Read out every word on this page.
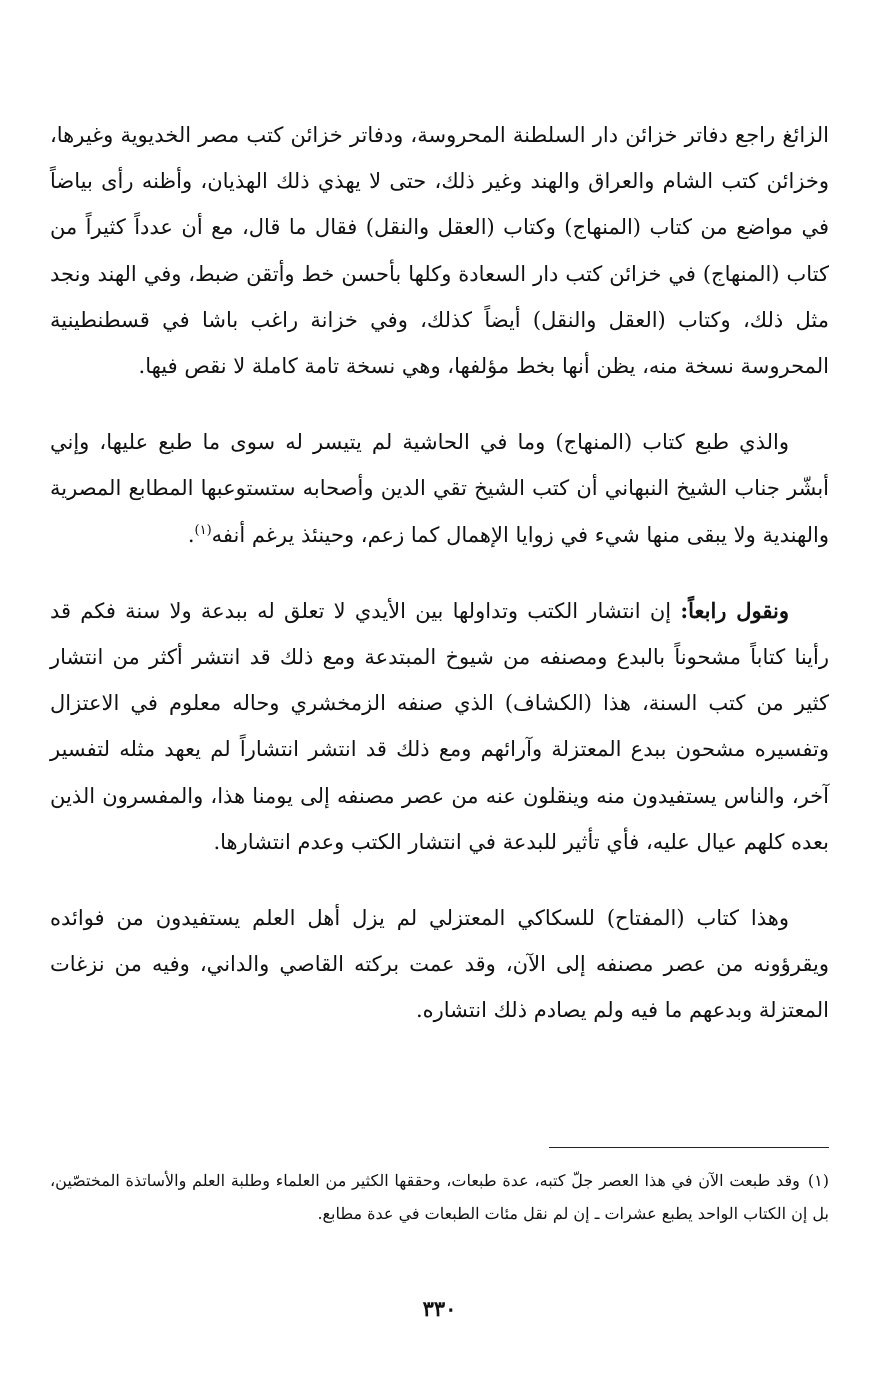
الزائغ راجع دفاتر خزائن دار السلطنة المحروسة، ودفاتر خزائن كتب مصر الخديوية وغيرها، وخزائن كتب الشام والعراق والهند وغير ذلك، حتى لا يهذي ذلك الهذيان، وأظنه رأى بياضاً في مواضع من كتاب (المنهاج) وكتاب (العقل والنقل) فقال ما قال، مع أن عدداً كثيراً من كتاب (المنهاج) في خزائن كتب دار السعادة وكلها بأحسن خط وأتقن ضبط، وفي الهند ونجد مثل ذلك، وكتاب (العقل والنقل) أيضاً كذلك، وفي خزانة راغب باشا في قسطنطينية المحروسة نسخة منه، يظن أنها بخط مؤلفها، وهي نسخة تامة كاملة لا نقص فيها.

والذي طبع كتاب (المنهاج) وما في الحاشية لم يتيسر له سوى ما طبع عليها، وإني أبشّر جناب الشيخ النبهاني أن كتب الشيخ تقي الدين وأصحابه ستستوعبها المطابع المصرية والهندية ولا يبقى منها شيء في زوايا الإهمال كما زعم، وحينئذ يرغم أنفه$^{(١)}$.

ونقول رابعاً: إن انتشار الكتب وتداولها بين الأيدي لا تعلق له ببدعة ولا سنة فكم قد رأينا كتاباً مشحوناً بالبدع ومصنفه من شيوخ المبتدعة ومع ذلك قد انتشر أكثر من انتشار كثير من كتب السنة، هذا (الكشاف) الذي صنفه الزمخشري وحاله معلوم في الاعتزال وتفسيره مشحون ببدع المعتزلة وآرائهم ومع ذلك قد انتشر انتشاراً لم يعهد مثله لتفسير آخر، والناس يستفيدون منه وينقلون عنه من عصر مصنفه إلى يومنا هذا، والمفسرون الذين بعده كلهم عيال عليه، فأي تأثير للبدعة في انتشار الكتب وعدم انتشارها.

وهذا كتاب (المفتاح) للسكاكي المعتزلي لم يزل أهل العلم يستفيدون من فوائده ويقرؤونه من عصر مصنفه إلى الآن، وقد عمت بركته القاصي والداني، وفيه من نزغات المعتزلة وبدعهم ما فيه ولم يصادم ذلك انتشاره.

(١)وقد طبعت الآن في هذا العصر جلّ كتبه، عدة طبعات، وحققها الكثير من العلماء وطلبة العلم والأساتذة المختصّين، بل إن الكتاب الواحد يطبع عشرات ـ إن لم نقل مئات الطبعات في عدة مطابع.
٣٣٠
